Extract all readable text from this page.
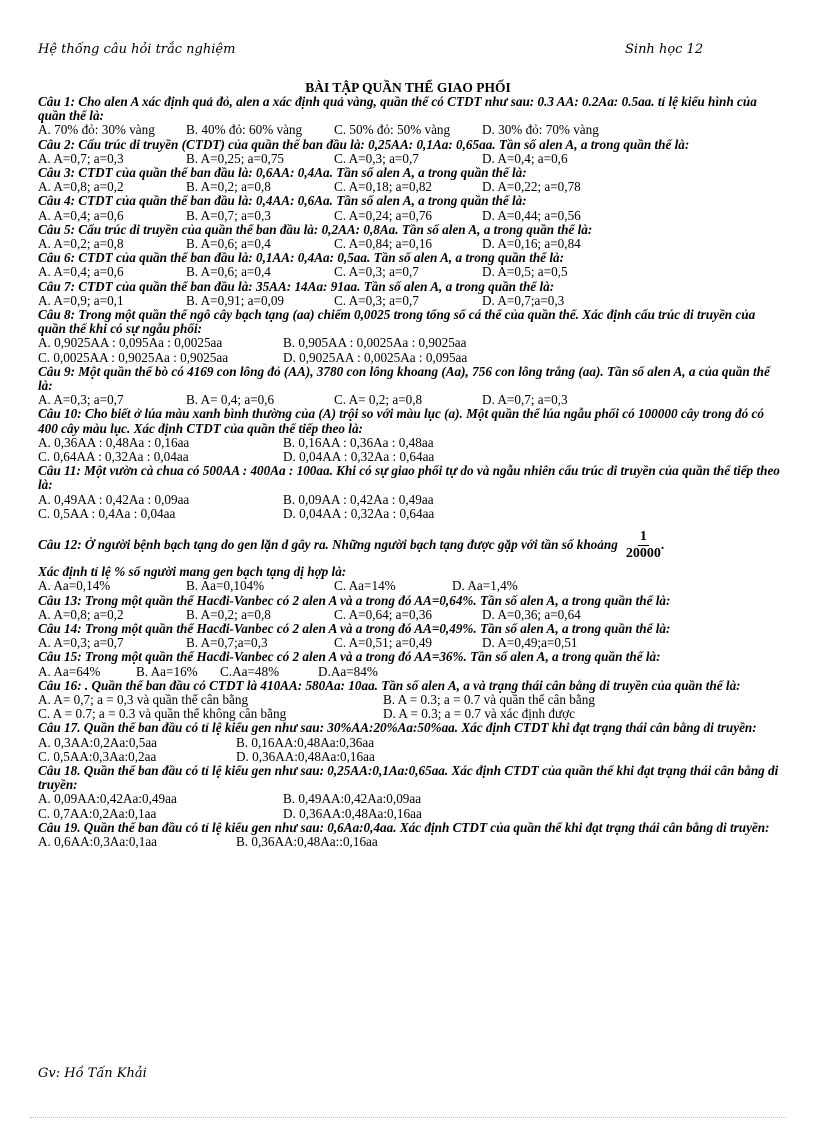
Hệ thống câu hỏi trắc nghiệm	Sinh học 12
BÀI TẬP QUẦN THỂ GIAO PHỐI

Câu 1: Cho alen A xác định quả đỏ, alen a xác định quả vàng, quần thể có CTDT như sau: 0.3 AA: 0.2Aa: 0.5aa. tỉ lệ kiểu hình của quần thể là:

A. 70% đỏ: 30% vàng	B. 40% đỏ: 60% vàng	C. 50% đỏ: 50% vàng	D. 30% đỏ: 70% vàng

Câu 2: Cấu trúc di truyền (CTDT) của quần thể ban đầu là: 0,25AA: 0,1Aa: 0,65aa. Tần số alen A, a trong quần thể là:

A. A=0,7; a=0,3	B. A=0,25; a=0,75	C. A=0,3; a=0,7	D. A=0,4; a=0,6

Câu 3: CTDT của quần thể ban đầu là: 0,6AA: 0,4Aa. Tần số alen A, a trong quần thể là:

A. A=0,8; a=0,2	B. A=0,2; a=0,8	C. A=0,18; a=0,82	D. A=0,22; a=0,78

Câu 4: CTDT của quần thể ban đầu là: 0,4AA: 0,6Aa. Tần số alen A, a trong quần thể là:

A. A=0,4; a=0,6	B. A=0,7; a=0,3	C. A=0,24; a=0,76	D. A=0,44; a=0,56

Câu 5: Cấu trúc di truyền của quần thể ban đầu là: 0,2AA: 0,8Aa. Tần số alen A, a trong quần thể là:

A. A=0,2; a=0,8	B. A=0,6; a=0,4	C. A=0,84; a=0,16	D. A=0,16; a=0,84

Câu 6: CTDT của quần thể ban đầu là: 0,1AA: 0,4Aa: 0,5aa. Tần số alen A, a trong quần thể là:

A. A=0,4; a=0,6	B. A=0,6; a=0,4	C. A=0,3; a=0,7	D. A=0,5; a=0,5

Câu 7: CTDT của quần thể ban đầu là: 35AA: 14Aa: 91aa. Tần số alen A, a trong quần thể là:

A. A=0,9; a=0,1	B. A=0,91; a=0,09	C. A=0,3; a=0,7	D. A=0,7;a=0,3

Câu 8: Trong một quần thể ngô cây bạch tạng (aa) chiếm 0,0025 trong tổng số cá thể của quần thể. Xác định cấu trúc di truyền của quần thể khi có sự ngẫu phối:

A. 0,9025AA : 0,095Aa : 0,0025aa	B. 0,905AA : 0,0025Aa : 0,9025aa
C. 0,0025AA : 0,9025Aa : 0,9025aa	D. 0,9025AA : 0,0025Aa : 0,095aa

Câu 9: Một quần thể bò có 4169 con lông đỏ (AA), 3780 con lông khoang (Aa), 756 con lông trắng (aa). Tần số alen A, a của quần thể là:

A. A=0,3; a=0,7	B. A= 0,4; a=0,6	C. A= 0,2; a=0,8	D. A=0,7; a=0,3

Câu 10: Cho biết ở lúa màu xanh bình thường của (A) trội so với màu lục (a). Một quần thể lúa ngẫu phối có 100000 cây trong đó có 400 cây màu lục. Xác định CTDT của quần thể tiếp theo là:

A. 0,36AA : 0,48Aa : 0,16aa	B. 0,16AA : 0,36Aa : 0,48aa
C. 0,64AA : 0,32Aa : 0,04aa	D. 0,04AA : 0,32Aa : 0,64aa

Câu 11: Một vườn cà chua có 500AA : 400Aa : 100aa. Khi có sự giao phối tự do và ngẫu nhiên cấu trúc di truyền của quần thể tiếp theo là:

A. 0,49AA : 0,42Aa : 0,09aa	B. 0,09AA : 0,42Aa : 0,49aa
C. 0,5AA : 0,4Aa : 0,04aa	D. 0,04AA : 0,32Aa : 0,64aa
Câu 12: Ở người bệnh bạch tạng do gen lặn d gây ra. Những người bạch tạng được gặp với tần số khoảng $\frac{1}{20000}$ .

Xác định tỉ lệ % số người mang gen bạch tạng dị hợp là:

A. Aa=0,14%	B. Aa=0,104%	C. Aa=14%	D. Aa=1,4%

Câu 13: Trong một quần thể Hacđi-Vanbec có 2 alen A và a trong đó AA=0,64%. Tần số alen A, a trong quần thể là:

A. A=0,8; a=0,2	B. A=0,2; a=0,8	C. A=0,64; a=0,36	D. A=0,36; a=0,64

Câu 14: Trong một quần thể Hacđi-Vanbec có 2 alen A và a trong đó AA=0,49%. Tần số alen A, a trong quần thể là:

A. A=0,3; a=0,7	B. A=0,7;a=0,3	C. A=0,51; a=0,49	D. A=0,49;a=0,51

Câu 15: Trong một quần thể Hacđi-Vanbec có 2 alen A và a trong đó AA=36%. Tần số alen A, a trong quần thể là:

A. Aa=64%	B. Aa=16%	C.Aa=48%	D.Aa=84%

Câu 16: . Quần thể ban đầu có CTDT là 410AA: 580Aa: 10aa. Tần số alen A, a và trạng thái cân bằng di truyền của quần thể là:

A. A= 0,7; a = 0,3 và quần thể cân bằng	B. A = 0.3; a = 0.7 và quần thể cân bằng
C. A = 0.7; a = 0.3 và quần thể không cân bằng	D. A = 0.3; a = 0.7 và xác định được

Câu 17. Quần thể ban đầu có tỉ lệ kiểu gen như sau: 30%AA:20%Aa:50%aa. Xác định CTDT khi đạt trạng thái cân bằng di truyền:

A. 0,3AA:0,2Aa:0,5aa	B. 0,16AA:0,48Aa:0,36aa
C. 0,5AA:0,3Aa:0,2aa	D. 0,36AA:0,48Aa:0,16aa

Câu 18. Quần thể ban đầu có tỉ lệ kiểu gen như sau: 0,25AA:0,1Aa:0,65aa. Xác định CTDT của quần thể khi đạt trạng thái cân bằng di truyền:

A. 0,09AA:0,42Aa:0,49aa	B. 0,49AA:0,42Aa:0,09aa
C. 0,7AA:0,2Aa:0,1aa	D. 0,36AA:0,48Aa:0,16aa

Câu 19. Quần thể ban đầu có tỉ lệ kiểu gen như sau: 0,6Aa:0,4aa. Xác định CTDT của quần thể khi đạt trạng thái cân bằng di truyền:

A. 0,6AA:0,3Aa:0,1aa	B. 0,36AA:0,48Aa::0,16aa
Gv: Hồ Tấn Khải
